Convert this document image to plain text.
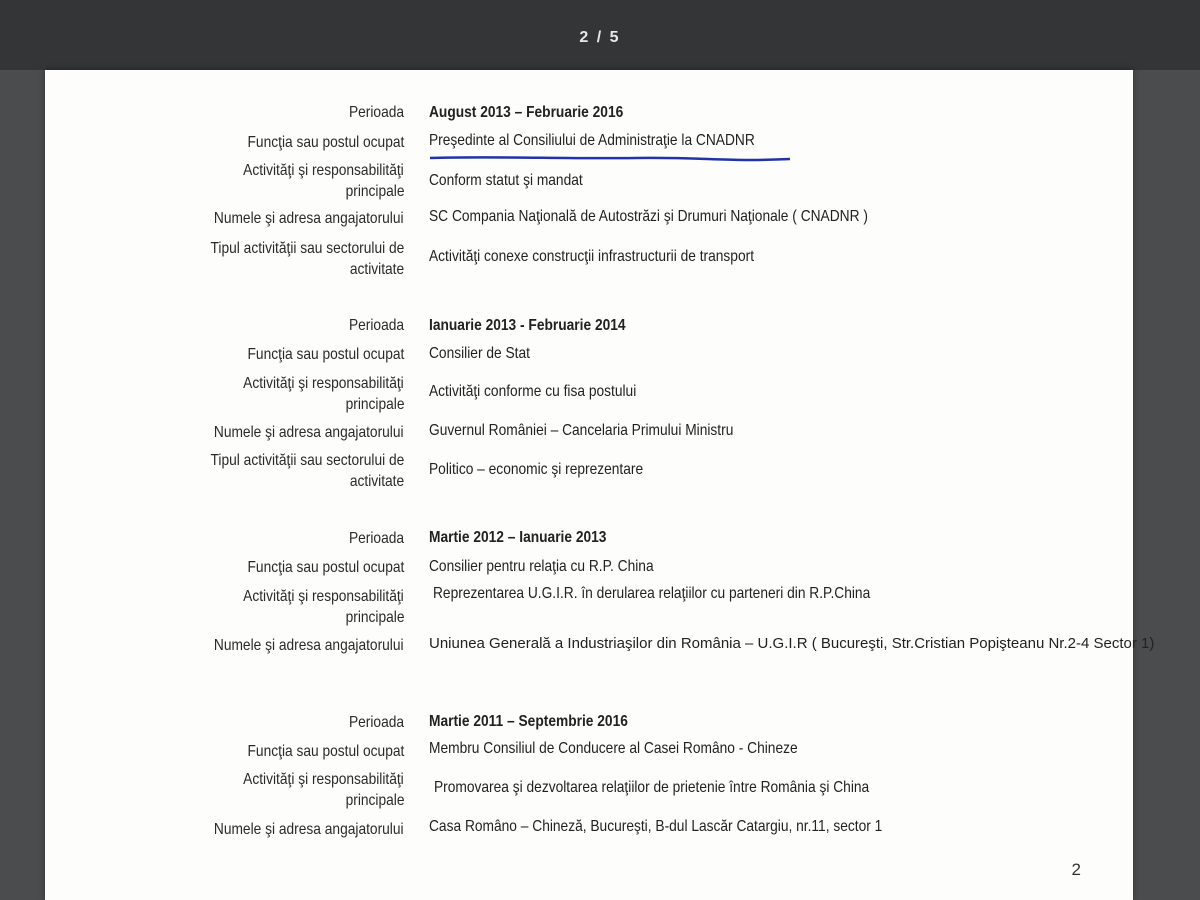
2 / 5
Perioada August 2013 – Februarie 2016
Funcţia sau postul ocupat Preşedinte al Consiliului de Administraţie la CNADNR
Activităţi şi responsabilităţi
principale
Conform statut şi mandat
Numele şi adresa angajatorului SC Compania Naţională de Autostrăzi şi Drumuri Naţionale ( CNADNR )
Tipul activităţii sau sectorului de
activitate
Activităţi conexe construcţii infrastructurii de transport
Perioada Ianuarie 2013 - Februarie 2014
Funcţia sau postul ocupat Consilier de Stat
Activităţi şi responsabilităţi
principale
Activităţi conforme cu fisa postului
Numele şi adresa angajatorului Guvernul României – Cancelaria Primului Ministru
Tipul activităţii sau sectorului de
activitate
Politico – economic şi reprezentare
Perioada Martie 2012 – Ianuarie 2013
Funcţia sau postul ocupat Consilier pentru relaţia cu R.P. China
Activităţi şi responsabilităţi
principale
Reprezentarea U.G.I.R. în derularea relaţiilor cu parteneri din R.P.China
Numele şi adresa angajatorului Uniunea Generală a Industriaşilor din România – U.G.I.R ( Bucureşti, Str.Cristian Popişteanu Nr.2-4 Sector 1)
Perioada Martie 2011 – Septembrie 2016
Funcţia sau postul ocupat Membru Consiliul de Conducere al Casei Româno - Chineze
Activităţi şi responsabilităţi
principale
Promovarea şi dezvoltarea relaţiilor de prietenie între România şi China
Numele şi adresa angajatorului Casa Româno – Chineză, Bucureşti, B-dul Lascăr Catargiu, nr.11, sector 1
2
